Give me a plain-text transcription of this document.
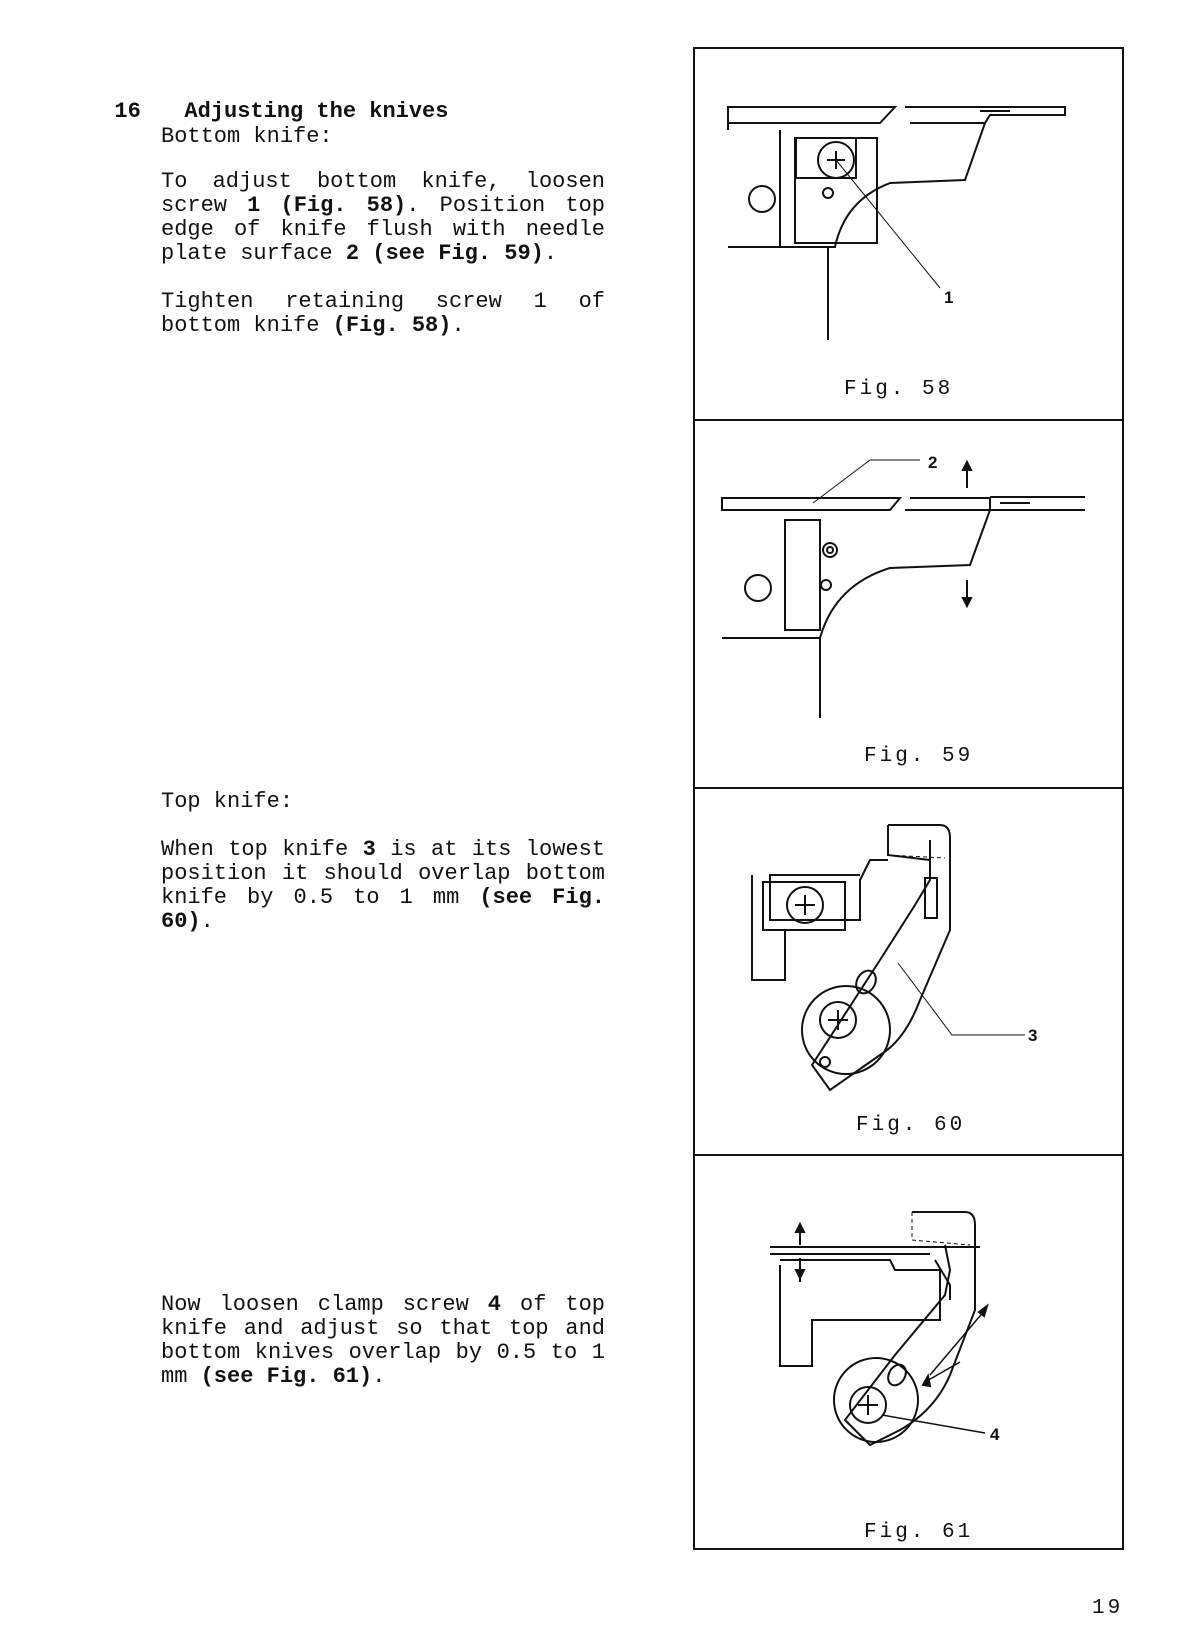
16 Adjusting the knives

Bottom knife:
To adjust bottom knife, loosen screw 1 (Fig. 58). Position top edge of knife flush with needle plate surface 2 (see Fig. 59).
Tighten retaining screw 1 of bottom knife (Fig. 58).
Top knife:
When top knife 3 is at its lowest position it should overlap bottom knife by 0.5 to 1 mm (see Fig. 60).
Now loosen clamp screw 4 of top knife and adjust so that top and bottom knives overlap by 0.5 to 1 mm (see Fig. 61).
1
2
3
4
Fig. 58
Fig. 59
Fig. 60
Fig. 61
19
